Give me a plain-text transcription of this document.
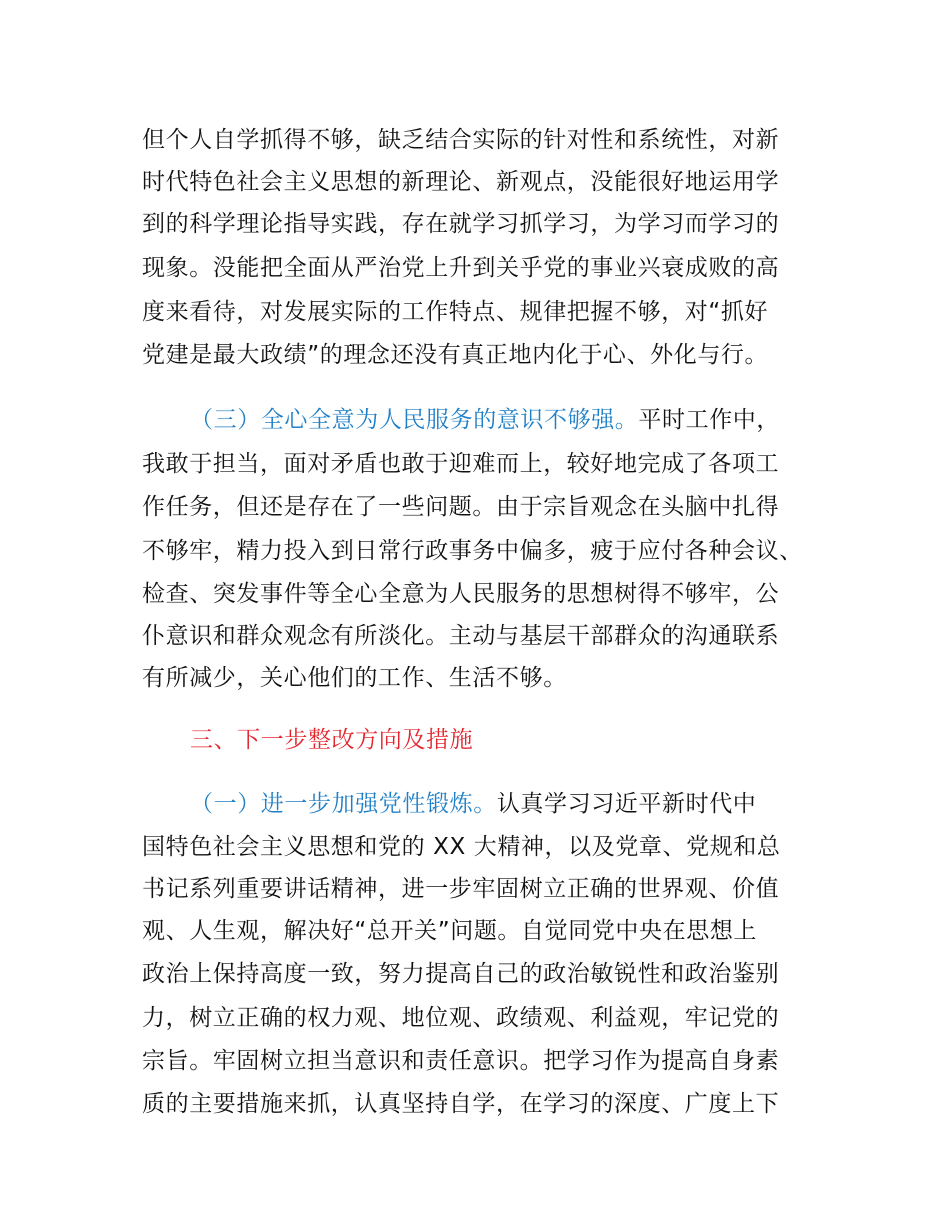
但个人自学抓得不够，缺乏结合实际的针对性和系统性，对新
时代特色社会主义思想的新理论、新观点，没能很好地运用学
到的科学理论指导实践，存在就学习抓学习，为学习而学习的
现象。没能把全面从严治党上升到关乎党的事业兴衰成败的高
度来看待，对发展实际的工作特点、规律把握不够，对“抓好
党建是最大政绩”的理念还没有真正地内化于心、外化与行。
（三）全心全意为人民服务的意识不够强。平时工作中，
我敢于担当，面对矛盾也敢于迎难而上，较好地完成了各项工
作任务，但还是存在了一些问题。由于宗旨观念在头脑中扎得
不够牢，精力投入到日常行政事务中偏多，疲于应付各种会议、
检查、突发事件等全心全意为人民服务的思想树得不够牢，公
仆意识和群众观念有所淡化。主动与基层干部群众的沟通联系
有所减少，关心他们的工作、生活不够。
三、下一步整改方向及措施
（一）进一步加强党性锻炼。认真学习习近平新时代中
国特色社会主义思想和党的 XX 大精神，以及党章、党规和总
书记系列重要讲话精神，进一步牢固树立正确的世界观、价值
观、人生观，解决好“总开关”问题。自觉同党中央在思想上
政治上保持高度一致，努力提高自己的政治敏锐性和政治鉴别
力，树立正确的权力观、地位观、政绩观、利益观，牢记党的
宗旨。牢固树立担当意识和责任意识。把学习作为提高自身素
质的主要措施来抓，认真坚持自学，在学习的深度、广度上下
